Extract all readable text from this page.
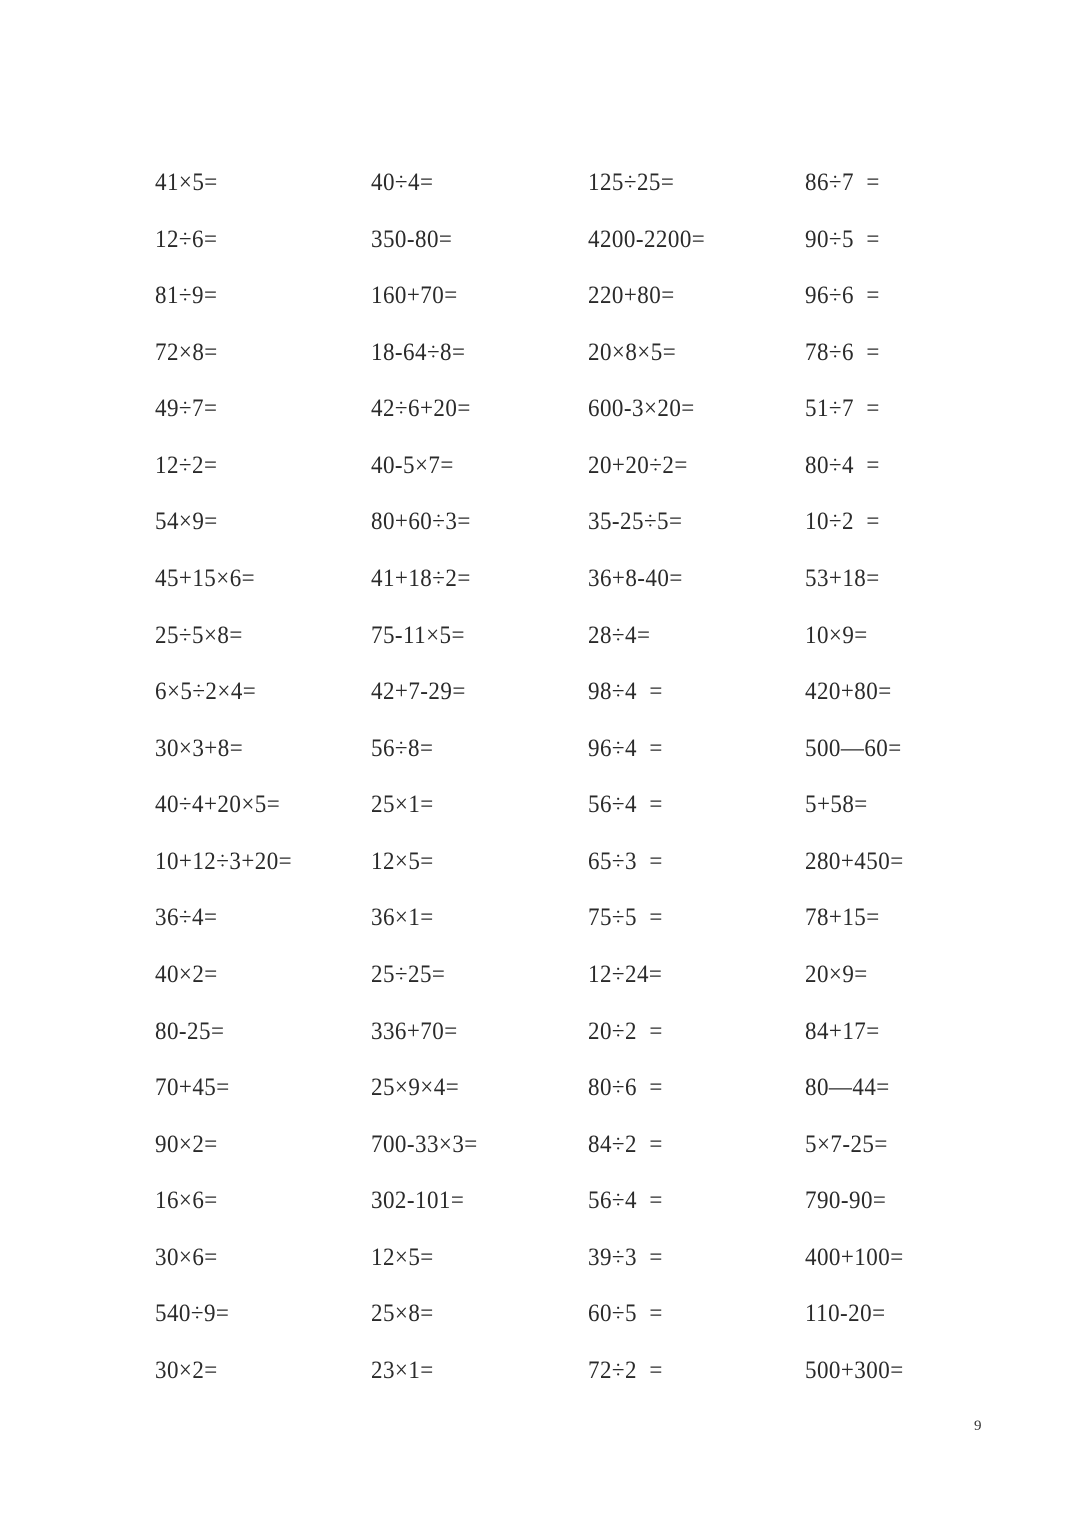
41×5=	40÷4=	125÷25=	86÷7  =
12÷6=	350-80=	4200-2200=	90÷5  =
81÷9=	160+70=	220+80=	96÷6  =
72×8=	18-64÷8=	20×8×5=	78÷6  =
49÷7=	42÷6+20=	600-3×20=	51÷7  =
12÷2=	40-5×7=	20+20÷2=	80÷4  =
54×9=	80+60÷3=	35-25÷5=	10÷2  =
45+15×6=	41+18÷2=	36+8-40=	53+18=
25÷5×8=	75-11×5=	28÷4=	10×9=
6×5÷2×4=	42+7-29=	98÷4  =	420+80=
30×3+8=	56÷8=	96÷4  =	500—60=
40÷4+20×5=	25×1=	56÷4  =	5+58=
10+12÷3+20=	12×5=	65÷3  =	280+450=
36÷4=	36×1=	75÷5  =	78+15=
40×2=	25÷25=	12÷24=	20×9=
80-25=	336+70=	20÷2  =	84+17=
70+45=	25×9×4=	80÷6  =	80—44=
90×2=	700-33×3=	84÷2  =	5×7-25=
16×6=	302-101=	56÷4  =	790-90=
30×6=	12×5=	39÷3  =	400+100=
540÷9=	25×8=	60÷5  =	110-20=
30×2=	23×1=	72÷2  =	500+300=
9
